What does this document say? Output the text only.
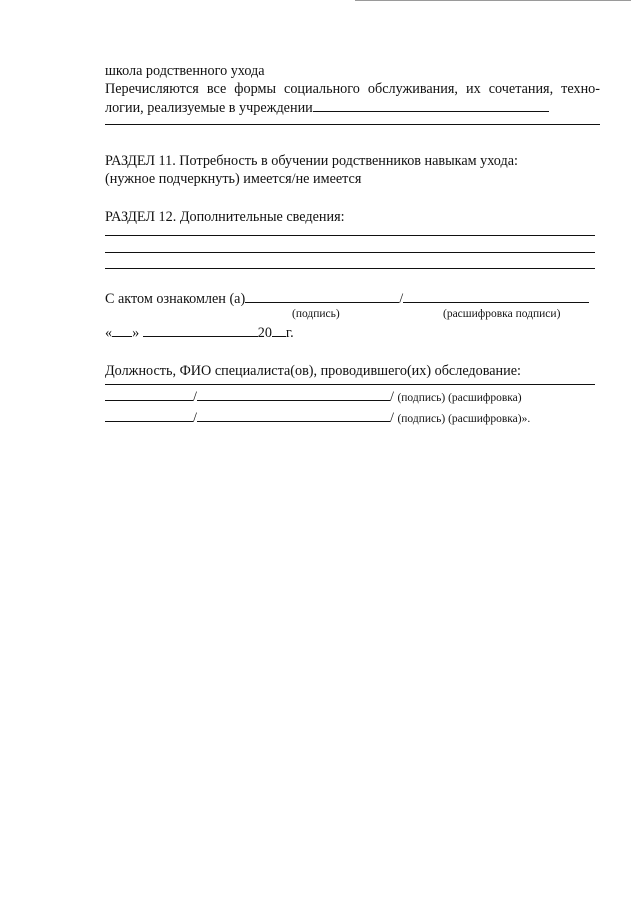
школа родственного ухода
Перечисляются все формы социального обслуживания, их сочетания, техно-
логии, реализуемые в учреждении
РАЗДЕЛ 11. Потребность в обучении родственников навыкам ухода:
(нужное подчеркнуть) имеется/не имеется
РАЗДЕЛ 12. Дополнительные сведения:
С актом ознакомлен (а)	/
(подпись)	(расшифровка подписи)
« »	20 г.
Должность, ФИО специалиста(ов), проводившего(их) обследование:
/	/ (подпись) (расшифровка)
/	/ (подпись) (расшифровка)».
